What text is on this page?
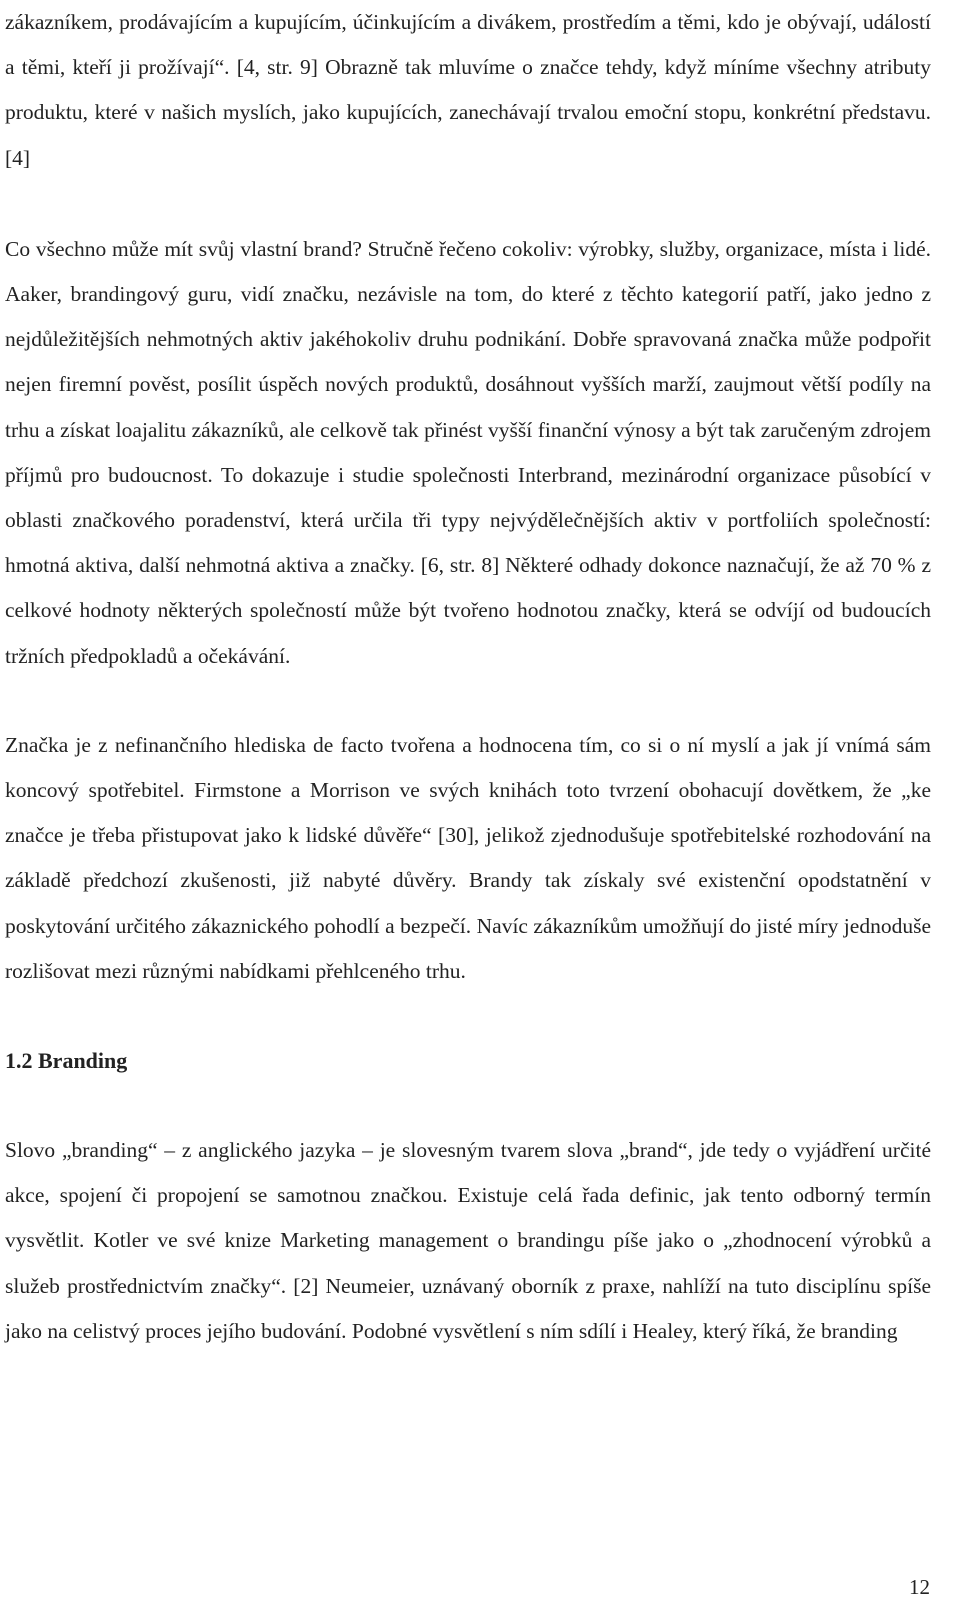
zákazníkem, prodávajícím a kupujícím, účinkujícím a divákem, prostředím a těmi, kdo je obývají, událostí a těmi, kteří ji prožívají“. [4, str. 9] Obrazně tak mluvíme o značce tehdy, když míníme všechny atributy produktu, které v našich myslích, jako kupujících, zanechávají trvalou emoční stopu, konkrétní představu. [4]

Co všechno může mít svůj vlastní brand? Stručně řečeno cokoliv: výrobky, služby, organizace, místa i lidé. Aaker, brandingový guru, vidí značku, nezávisle na tom, do které z těchto kategorií patří, jako jedno z nejdůležitějších nehmotných aktiv jakéhokoliv druhu podnikání. Dobře spravovaná značka může podpořit nejen firemní pověst, posílit úspěch nových produktů, dosáhnout vyšších marží, zaujmout větší podíly na trhu a získat loajalitu zákazníků, ale celkově tak přinést vyšší finanční výnosy a být tak zaručeným zdrojem příjmů pro budoucnost. To dokazuje i studie společnosti Interbrand, mezinárodní organizace působící v oblasti značkového poradenství, která určila tři typy nejvýdělečnějších aktiv v portfoliích společností: hmotná aktiva, další nehmotná aktiva a značky. [6, str. 8] Některé odhady dokonce naznačují, že až 70 % z celkové hodnoty některých společností může být tvořeno hodnotou značky, která se odvíjí od budoucích tržních předpokladů a očekávání.

Značka je z nefinančního hlediska de facto tvořena a hodnocena tím, co si o ní myslí a jak jí vnímá sám koncový spotřebitel. Firmstone a Morrison ve svých knihách toto tvrzení obohacují dovětkem, že „ke značce je třeba přistupovat jako k lidské důvěře“ [30], jelikož zjednodušuje spotřebitelské rozhodování na základě předchozí zkušenosti, již nabyté důvěry. Brandy tak získaly své existenční opodstatnění v poskytování určitého zákaznického pohodlí a bezpečí. Navíc zákazníkům umožňují do jisté míry jednoduše rozlišovat mezi různými nabídkami přehlceného trhu.

1.2 Branding

Slovo „branding“ – z anglického jazyka – je slovesným tvarem slova „brand“, jde tedy o vyjádření určité akce, spojení či propojení se samotnou značkou. Existuje celá řada definic, jak tento odborný termín vysvětlit. Kotler ve své knize Marketing management o brandingu píše jako o „zhodnocení výrobků a služeb prostřednictvím značky“. [2] Neumeier, uznávaný oborník z praxe, nahlíží na tuto disciplínu spíše jako na celistvý proces jejího budování. Podobné vysvětlení s ním sdílí i Healey, který říká, že branding

12
